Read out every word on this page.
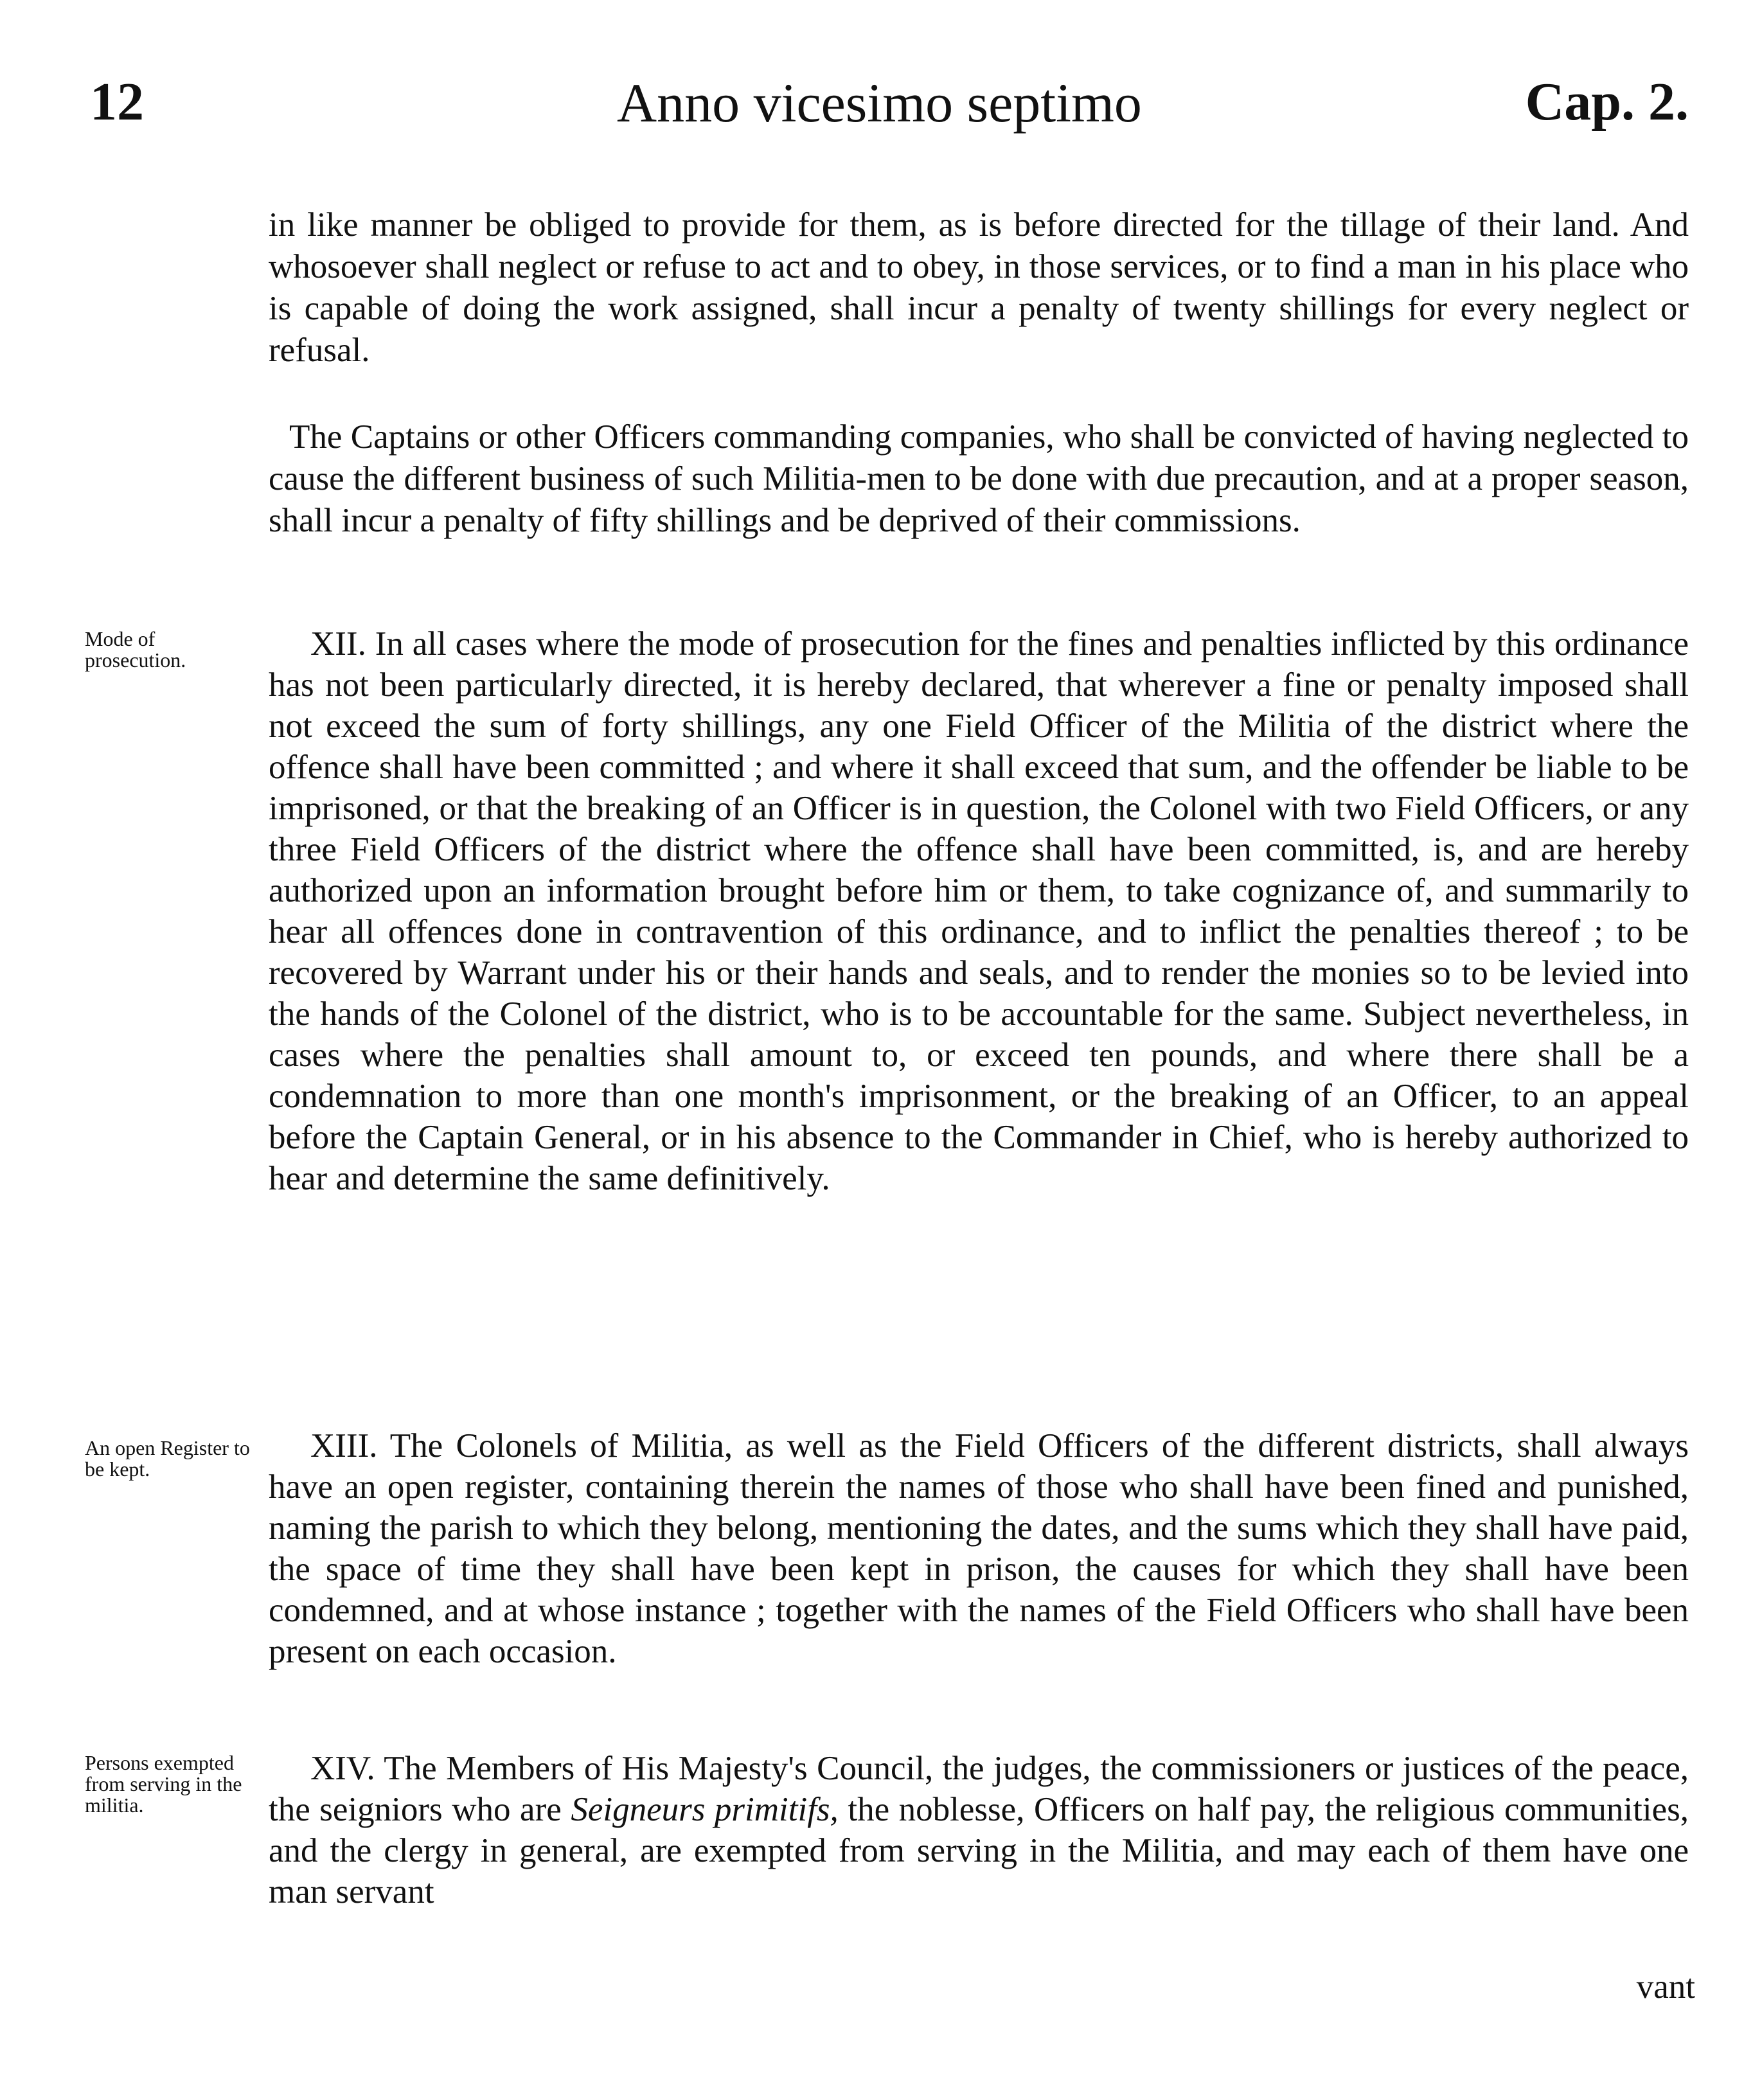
12	Anno vicesimo septimo	Cap. 2.
in like manner be obliged to provide for them, as is before directed for the tillage of their land. And whosoever shall neglect or refuse to act and to obey, in those services, or to find a man in his place who is capable of doing the work assigned, shall incur a penalty of twenty shillings for every neglect or refusal.
The Captains or other Officers commanding companies, who shall be convicted of having neglected to cause the different business of such Militia-men to be done with due precaution, and at a proper season, shall incur a penalty of fifty shillings and be deprived of their commissions.
Mode of prosecution.	XII. In all cases where the mode of prosecution for the fines and penalties inflicted by this ordinance has not been particularly directed, it is hereby declared, that wherever a fine or penalty imposed shall not exceed the sum of forty shillings, any one Field Officer of the Militia of the district where the offence shall have been committed ; and where it shall exceed that sum, and the offender be liable to be imprisoned, or that the breaking of an Officer is in question, the Colonel with two Field Officers, or any three Field Officers of the district where the offence shall have been committed, is, and are hereby authorized upon an information brought before him or them, to take cognizance of, and summarily to hear all offences done in contravention of this ordinance, and to inflict the penalties thereof ; to be recovered by Warrant under his or their hands and seals, and to render the monies so to be levied into the hands of the Colonel of the district, who is to be accountable for the same. Subject nevertheless, in cases where the penalties shall amount to, or exceed ten pounds, and where there shall be a condemnation to more than one month's imprisonment, or the breaking of an Officer, to an appeal before the Captain General, or in his absence to the Commander in Chief, who is hereby authorized to hear and determine the same definitively.
An open Register to be kept.
XIII. The Colonels of Militia, as well as the Field Officers of the different districts, shall always have an open register, containing therein the names of those who shall have been fined and punished, naming the parish to which they belong, mentioning the dates, and the sums which they shall have paid, the space of time they shall have been kept in prison, the causes for which they shall have been condemned, and at whose instance ; together with the names of the Field Officers who shall have been present on each occasion.
Persons exempted from serving in the militia.
XIV. The Members of His Majesty's Council, the judges, the commissioners or justices of the peace, the seigniors who are Seigneurs primitifs, the noblesse, Officers on half pay, the religious communities, and the clergy in general, are exempted from serving in the Militia, and may each of them have one man servant
vant
